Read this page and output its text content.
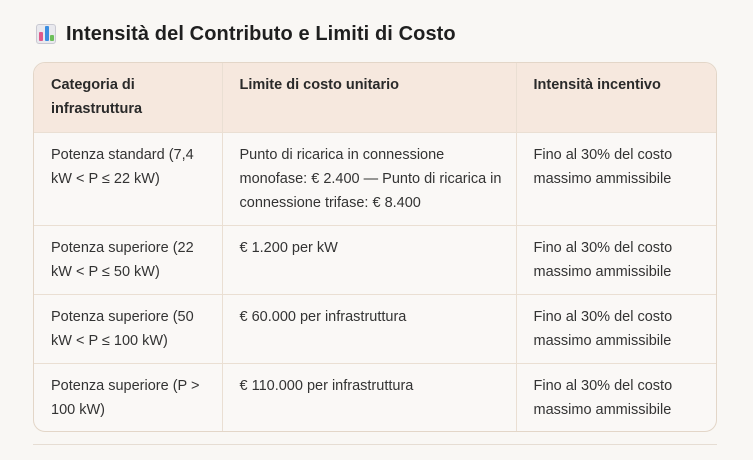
Intensità del Contributo e Limiti di Costo
Categoria di infrastruttura	Limite di costo unitario	Intensità incentivo
Potenza standard (7,4 kW < P ≤ 22 kW)	Punto di ricarica in connessione monofase: € 2.400 — Punto di ricarica in connessione trifase: € 8.400	Fino al 30% del costo massimo ammissibile
Potenza superiore (22 kW < P ≤ 50 kW)	€ 1.200 per kW	Fino al 30% del costo massimo ammissibile
Potenza superiore (50 kW < P ≤ 100 kW)	€ 60.000 per infrastruttura	Fino al 30% del costo massimo ammissibile
Potenza superiore (P > 100 kW)	€ 110.000 per infrastruttura	Fino al 30% del costo massimo ammissibile
